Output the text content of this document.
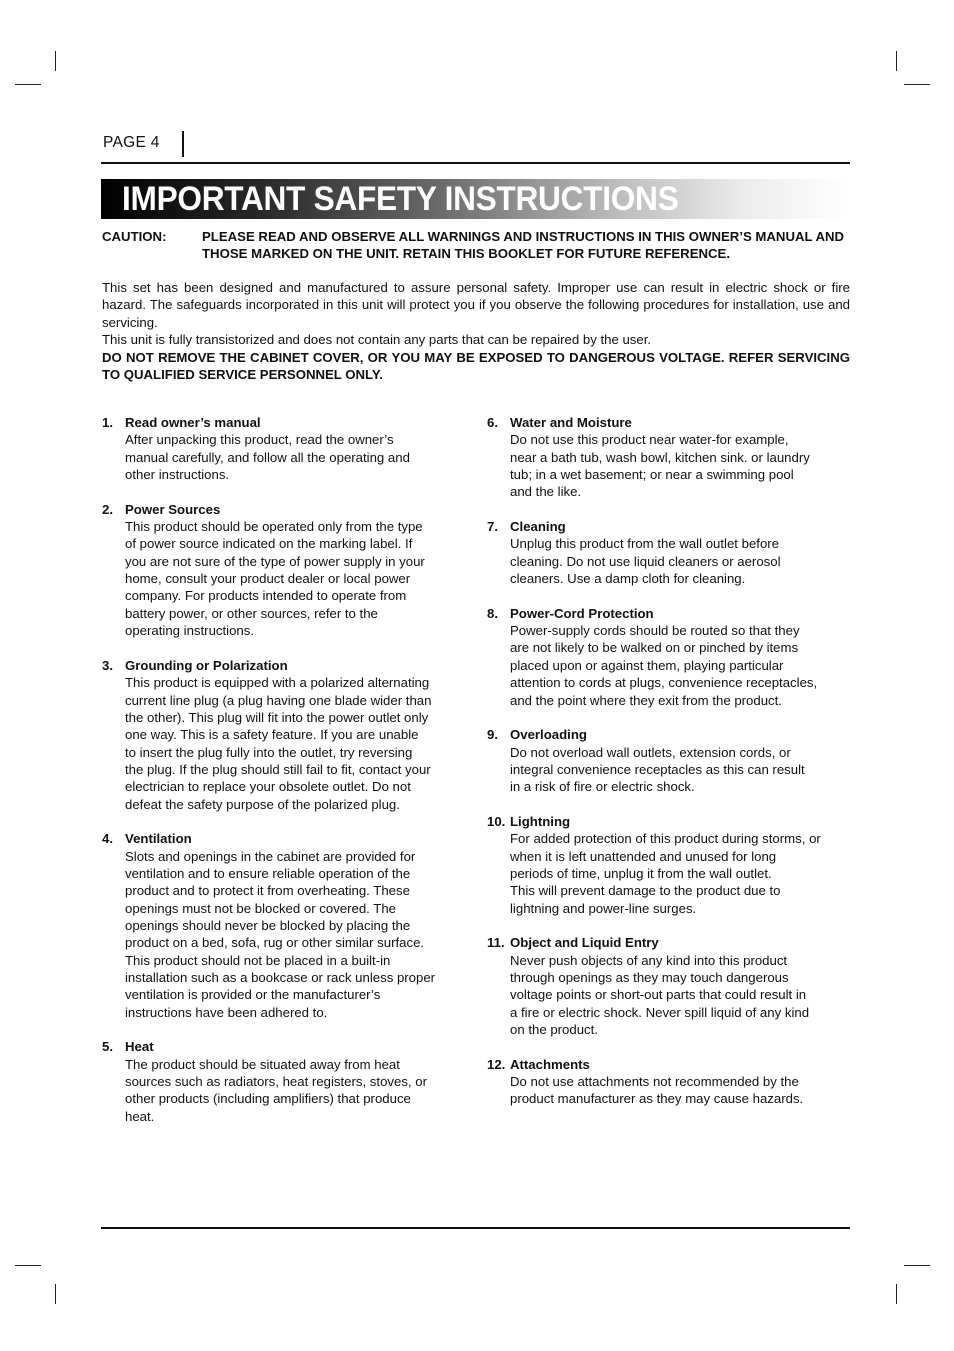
PAGE 4
IMPORTANT SAFETY INSTRUCTIONS
CAUTION:	PLEASE READ AND OBSERVE ALL WARNINGS AND INSTRUCTIONS IN THIS OWNER’S MANUAL AND THOSE MARKED ON THE UNIT. RETAIN THIS BOOKLET FOR FUTURE REFERENCE.

This set has been designed and manufactured to assure personal safety. Improper use can result in electric shock or fire hazard. The safeguards incorporated in this unit will protect you if you observe the following procedures for installation, use and servicing.

This unit is fully transistorized and does not contain any parts that can be repaired by the user.

DO NOT REMOVE THE CABINET COVER, OR YOU MAY BE EXPOSED TO DANGEROUS VOLTAGE. REFER SERVICING TO QUALIFIED SERVICE PERSONNEL ONLY.

1. Read owner’s manual
After unpacking this product, read the owner’s
manual carefully, and follow all the operating and
other instructions.
2. Power Sources
This product should be operated only from the type
of power source indicated on the marking label. If
you are not sure of the type of power supply in your
home, consult your product dealer or local power
company. For products intended to operate from
battery power, or other sources, refer to the
operating instructions.
3. Grounding or Polarization
This product is equipped with a polarized alternating
current line plug (a plug having one blade wider than
the other). This plug will fit into the power outlet only
one way. This is a safety feature. If you are unable
to insert the plug fully into the outlet, try reversing
the plug. If the plug should still fail to fit, contact your
electrician to replace your obsolete outlet. Do not
defeat the safety purpose of the polarized plug.
4. Ventilation
Slots and openings in the cabinet are provided for
ventilation and to ensure reliable operation of the
product and to protect it from overheating. These
openings must not be blocked or covered. The
openings should never be blocked by placing the
product on a bed, sofa, rug or other similar surface.
This product should not be placed in a built-in
installation such as a bookcase or rack unless proper
ventilation is provided or the manufacturer’s
instructions have been adhered to.
5. Heat
The product should be situated away from heat
sources such as radiators, heat registers, stoves, or
other products (including amplifiers) that produce
heat.
6. Water and Moisture
Do not use this product near water-for example,
near a bath tub, wash bowl, kitchen sink. or laundry
tub; in a wet basement; or near a swimming pool
and the like.
7. Cleaning
Unplug this product from the wall outlet before
cleaning. Do not use liquid cleaners or aerosol
cleaners. Use a damp cloth for cleaning.
8. Power-Cord Protection
Power-supply cords should be routed so that they
are not likely to be walked on or pinched by items
placed upon or against them, playing particular
attention to cords at plugs, convenience receptacles,
and the point where they exit from the product.
9. Overloading
Do not overload wall outlets, extension cords, or
integral convenience receptacles as this can result
in a risk of fire or electric shock.
10. Lightning
For added protection of this product during storms, or
when it is left unattended and unused for long
periods of time, unplug it from the wall outlet.
This will prevent damage to the product due to
lightning and power-line surges.
11. Object and Liquid Entry
Never push objects of any kind into this product
through openings as they may touch dangerous
voltage points or short-out parts that could result in
a fire or electric shock. Never spill liquid of any kind
on the product.
12. Attachments
Do not use attachments not recommended by the
product manufacturer as they may cause hazards.
